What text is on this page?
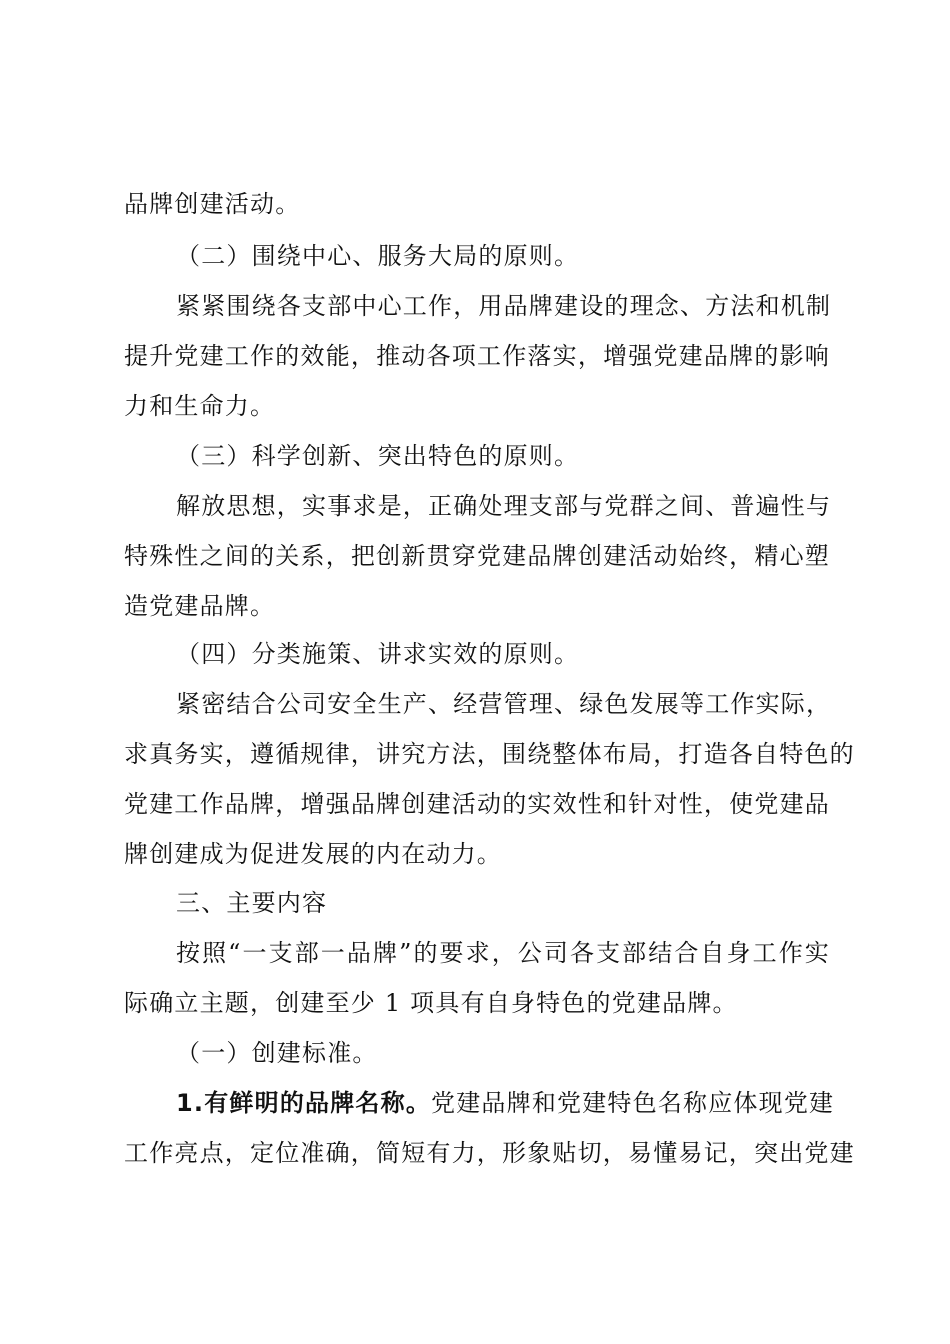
品牌创建活动。
（二）围绕中心、服务大局的原则。
紧紧围绕各支部中心工作，用品牌建设的理念、方法和机制
提升党建工作的效能，推动各项工作落实，增强党建品牌的影响
力和生命力。
（三）科学创新、突出特色的原则。
解放思想，实事求是，正确处理支部与党群之间、普遍性与
特殊性之间的关系，把创新贯穿党建品牌创建活动始终，精心塑
造党建品牌。
（四）分类施策、讲求实效的原则。
紧密结合公司安全生产、经营管理、绿色发展等工作实际，
求真务实，遵循规律，讲究方法，围绕整体布局，打造各自特色的
党建工作品牌，增强品牌创建活动的实效性和针对性，使党建品
牌创建成为促进发展的内在动力。
三、主要内容
按照“一支部一品牌”的要求，公司各支部结合自身工作实
际确立主题，创建至少 1 项具有自身特色的党建品牌。
（一）创建标准。
1.有鲜明的品牌名称。党建品牌和党建特色名称应体现党建
工作亮点，定位准确，简短有力，形象贴切，易懂易记，突出党建
